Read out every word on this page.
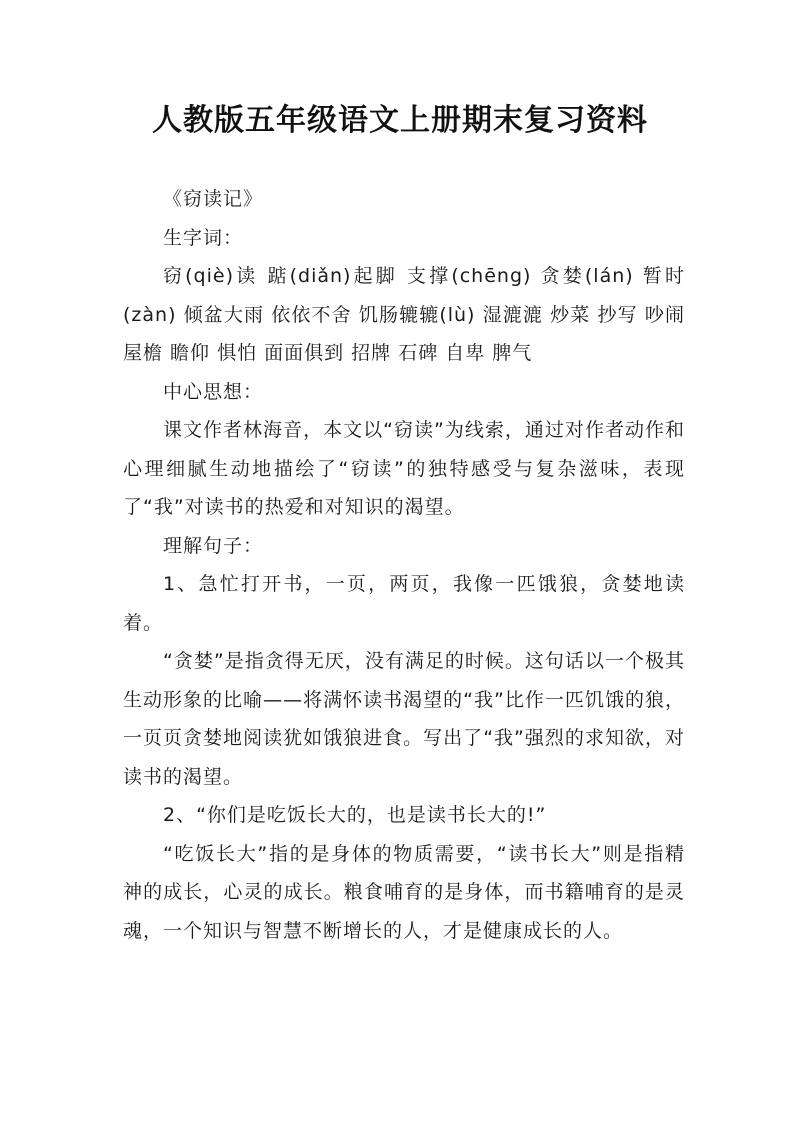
人教版五年级语文上册期末复习资料

《窃读记》

生字词：

窃(qiè)读 踮(diǎn)起脚 支撑(chēng) 贪婪(lán) 暂时(zàn) 倾盆大雨 依依不舍 饥肠辘辘(lù) 湿漉漉 炒菜 抄写 吵闹 屋檐 瞻仰 惧怕 面面俱到 招牌 石碑 自卑 脾气

中心思想：

课文作者林海音，本文以“窃读”为线索，通过对作者动作和心理细腻生动地描绘了“窃读”的独特感受与复杂滋味，表现了“我”对读书的热爱和对知识的渴望。

理解句子：

1、急忙打开书，一页，两页，我像一匹饿狼，贪婪地读着。

“贪婪”是指贪得无厌，没有满足的时候。这句话以一个极其生动形象的比喻——将满怀读书渴望的“我”比作一匹饥饿的狼，一页页贪婪地阅读犹如饿狼进食。写出了“我”强烈的求知欲，对读书的渴望。

2、“你们是吃饭长大的，也是读书长大的!”

“吃饭长大”指的是身体的物质需要，“读书长大”则是指精神的成长，心灵的成长。粮食哺育的是身体，而书籍哺育的是灵魂，一个知识与智慧不断增长的人，才是健康成长的人。
